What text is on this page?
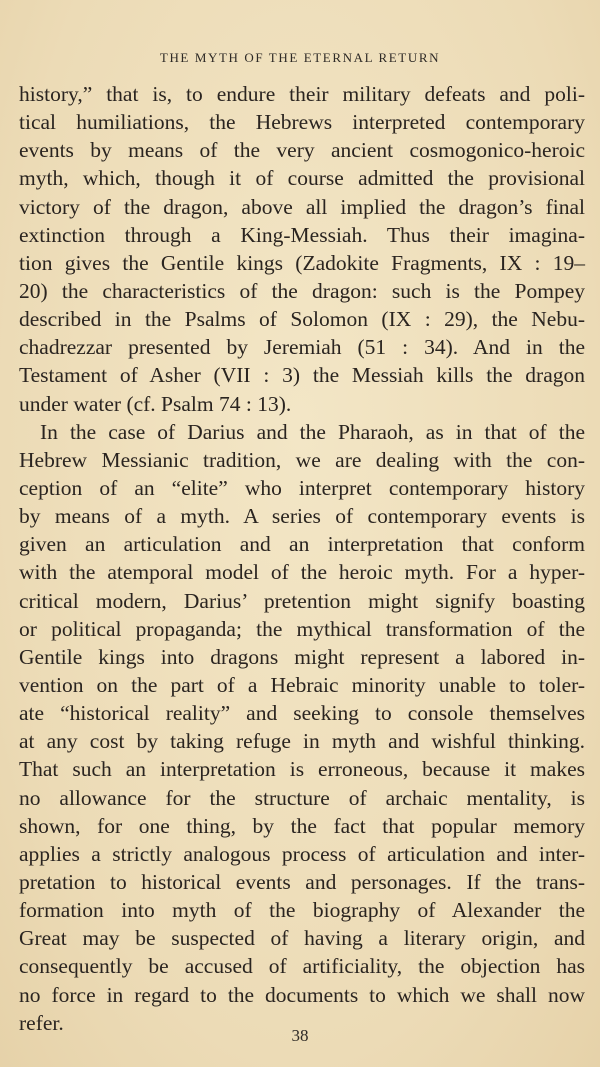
THE MYTH OF THE ETERNAL RETURN
history,” that is, to endure their military defeats and poli-
tical humiliations, the Hebrews interpreted contemporary
events by means of the very ancient cosmogonico-heroic
myth, which, though it of course admitted the provisional
victory of the dragon, above all implied the dragon’s final
extinction through a King-Messiah. Thus their imagina-
tion gives the Gentile kings (Zadokite Fragments, IX : 19–
20) the characteristics of the dragon: such is the Pompey
described in the Psalms of Solomon (IX : 29), the Nebu-
chadrezzar presented by Jeremiah (51 : 34). And in the
Testament of Asher (VII : 3) the Messiah kills the dragon
under water (cf. Psalm 74 : 13).
In the case of Darius and the Pharaoh, as in that of the
Hebrew Messianic tradition, we are dealing with the con-
ception of an “elite” who interpret contemporary history
by means of a myth. A series of contemporary events is
given an articulation and an interpretation that conform
with the atemporal model of the heroic myth. For a hyper-
critical modern, Darius’ pretention might signify boasting
or political propaganda; the mythical transformation of the
Gentile kings into dragons might represent a labored in-
vention on the part of a Hebraic minority unable to toler-
ate “historical reality” and seeking to console themselves
at any cost by taking refuge in myth and wishful thinking.
That such an interpretation is erroneous, because it makes
no allowance for the structure of archaic mentality, is
shown, for one thing, by the fact that popular memory
applies a strictly analogous process of articulation and inter-
pretation to historical events and personages. If the trans-
formation into myth of the biography of Alexander the
Great may be suspected of having a literary origin, and
consequently be accused of artificiality, the objection has
no force in regard to the documents to which we shall now
refer.
38
